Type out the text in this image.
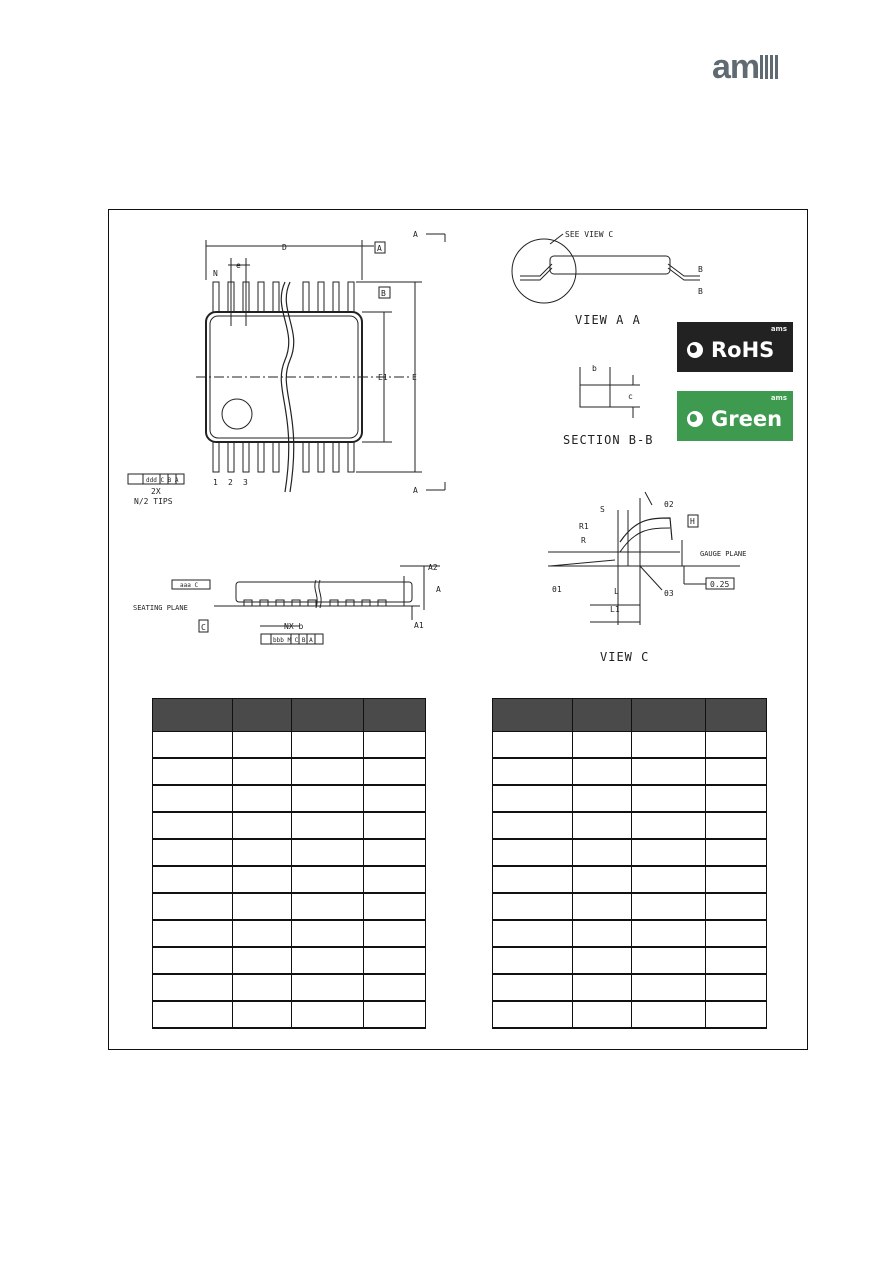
am
D	A
B
N
e
E1	E
A
A
1 2 3
ddd C B A
2X
N/2 TIPS
SEATING PLANE
A2
A
A1
C	NX b
aaa C
bbb M C B A
SEE VIEW C
B
B
VIEW A A
b
c
SECTION B-B
S
θ2
R1
R
H
GAUGE PLANE
θ1	L
L1
θ3
0.25
VIEW C
ams
RoHS
ams
Green
